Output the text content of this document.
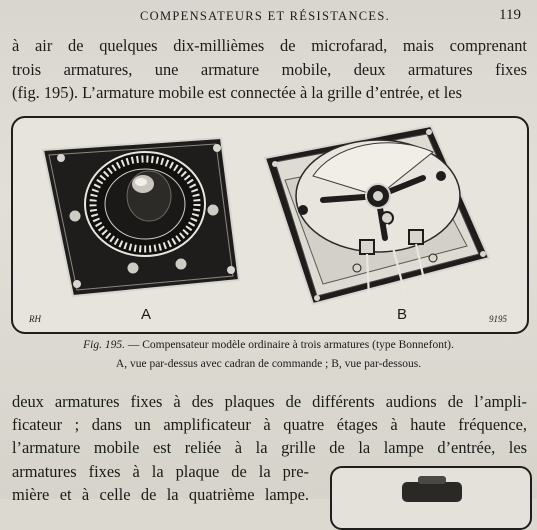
COMPENSATEURS ET RÉSISTANCES.	119
à air de quelques dix-millièmes de microfarad, mais comprenant
trois armatures, une armature mobile, deux armatures fixes
(fig. 195). L’armature mobile est connectée à la grille d’entrée, et les
A	B
RH	9195
Fig. 195. — Compensateur modèle ordinaire à trois armatures (type Bonnefont).
A, vue par-dessus avec cadran de commande ; B, vue par-dessous.
deux armatures fixes à des plaques de différents audions de l’ampli-
ficateur ; dans un amplificateur à quatre étages à haute fréquence,
l’armature mobile est reliée à la grille de la lampe d’entrée, les
armatures fixes à la plaque de la pre-
mière et à celle de la quatrième lampe.
